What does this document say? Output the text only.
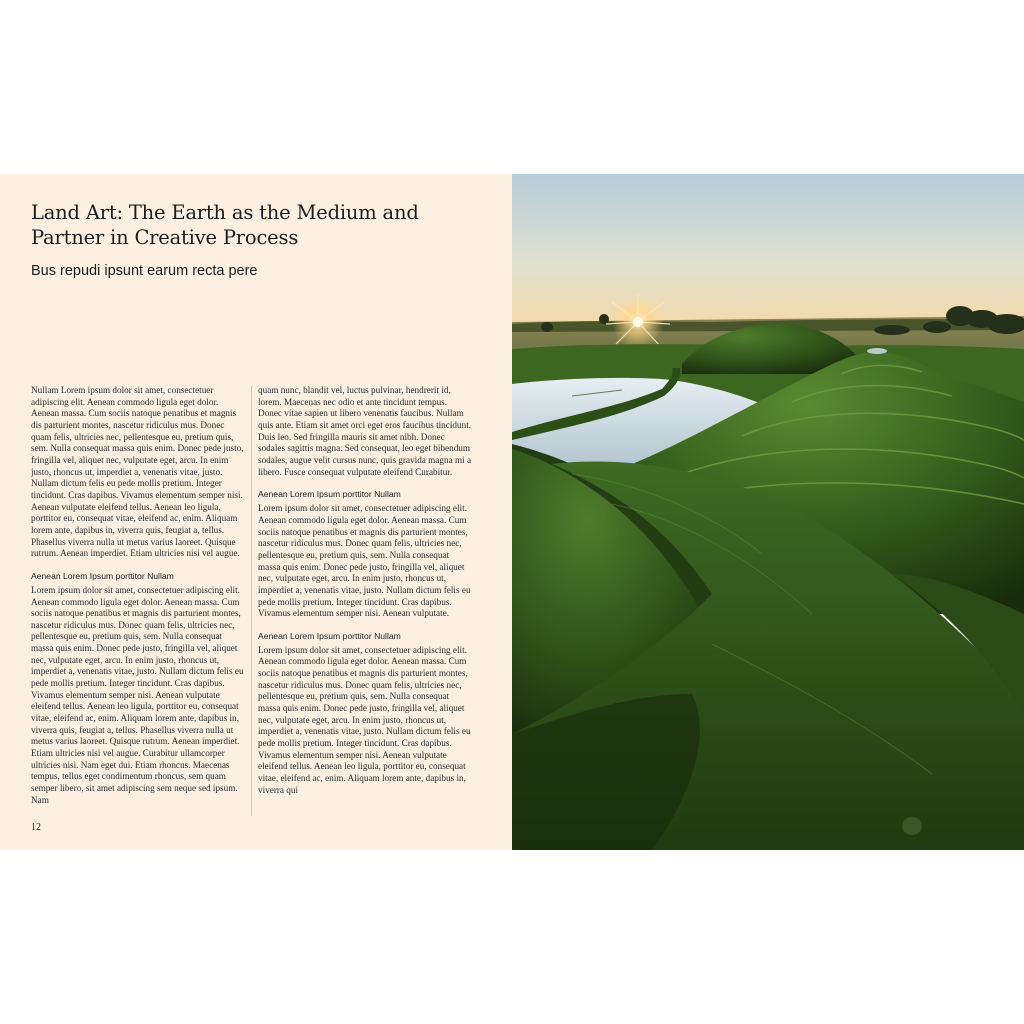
Land Art: The Earth as the Medium and Partner in Creative Process
Bus repudi ipsunt earum recta pere

Nullam Lorem ipsum dolor sit amet, consectetuer adipiscing elit. Aenean commodo ligula eget dolor. Aenean massa. Cum sociis natoque penatibus et magnis dis parturient montes, nascetur ridiculus mus. Donec quam felis, ultricies nec, pellentesque eu, pretium quis, sem. Nulla consequat massa quis enim. Donec pede justo, fringilla vel, aliquet nec, vulputate eget, arcu. In enim justo, rhoncus ut, imperdiet a, venenatis vitae, justo. Nullam dictum felis eu pede mollis pretium. Integer tincidunt. Cras dapibus. Vivamus elementum semper nisi. Aenean vulputate eleifend tellus. Aenean leo ligula, porttitor eu, consequat vitae, eleifend ac, enim. Aliquam lorem ante, dapibus in, viverra quis, feugiat a, tellus. Phasellus viverra nulla ut metus varius laoreet. Quisque rutrum. Aenean imperdiet. Etiam ultricies nisi vel augue.

Aenean Lorem Ipsum porttitor Nullam

Lorem ipsum dolor sit amet, consectetuer adipiscing elit. Aenean commodo ligula eget dolor. Aenean massa. Cum sociis natoque penatibus et magnis dis parturient montes, nascetur ridiculus mus. Donec quam felis, ultricies nec, pellentesque eu, pretium quis, sem. Nulla consequat massa quis enim. Donec pede justo, fringilla vel, aliquet nec, vulputate eget, arcu. In enim justo, rhoncus ut, imperdiet a, venenatis vitae, justo. Nullam dictum felis eu pede mollis pretium. Integer tincidunt. Cras dapibus. Vivamus elementum semper nisi. Aenean vulputate eleifend tellus. Aenean leo ligula, porttitor eu, consequat vitae, eleifend ac, enim. Aliquam lorem ante, dapibus in, viverra quis, feugiat a, tellus. Phasellus viverra nulla ut metus varius laoreet. Quisque rutrum. Aenean imperdiet. Etiam ultricies nisi vel augue. Curabitur ullamcorper ultricies nisi. Nam eget dui. Etiam rhoncus. Maecenas tempus, tellus eget condimentum rhoncus, sem quam semper libero, sit amet adipiscing sem neque sed ipsum. Nam

quam nunc, blandit vel, luctus pulvinar, hendrerit id, lorem. Maecenas nec odio et ante tincidunt tempus. Donec vitae sapien ut libero venenatis faucibus. Nullam quis ante. Etiam sit amet orci eget eros faucibus tincidunt. Duis leo. Sed fringilla mauris sit amet nibh. Donec sodales sagittis magna. Sed consequat, leo eget bibendum sodales, augue velit cursus nunc, quis gravida magna mi a libero. Fusce consequat vulputate eleifend Curabitur.

Aenean Lorem Ipsum porttitor Nullam

Lorem ipsum dolor sit amet, consectetuer adipiscing elit. Aenean commodo ligula eget dolor. Aenean massa. Cum sociis natoque penatibus et magnis dis parturient montes, nascetur ridiculus mus. Donec quam felis, ultricies nec, pellentesque eu, pretium quis, sem. Nulla consequat massa quis enim. Donec pede justo, fringilla vel, aliquet nec, vulputate eget, arcu. In enim justo, rhoncus ut, imperdiet a, venenatis vitae, justo. Nullam dictum felis eu pede mollis pretium. Integer tincidunt. Cras dapibus. Vivamus elementum semper nisi. Aenean vulputate.

Aenean Lorem Ipsum porttitor Nullam

Lorem ipsum dolor sit amet, consectetuer adipiscing elit. Aenean commodo ligula eget dolor. Aenean massa. Cum sociis natoque penatibus et magnis dis parturient montes, nascetur ridiculus mus. Donec quam felis, ultricies nec, pellentesque eu, pretium quis, sem. Nulla consequat massa quis enim. Donec pede justo, fringilla vel, aliquet nec, vulputate eget, arcu. In enim justo, rhoncus ut, imperdiet a, venenatis vitae, justo. Nullam dictum felis eu pede mollis pretium. Integer tincidunt. Cras dapibus. Vivamus elementum semper nisi. Aenean vulputate eleifend tellus. Aenean leo ligula, porttitor eu, consequat vitae, eleifend ac, enim. Aliquam lorem ante, dapibus in, viverra qui

12
